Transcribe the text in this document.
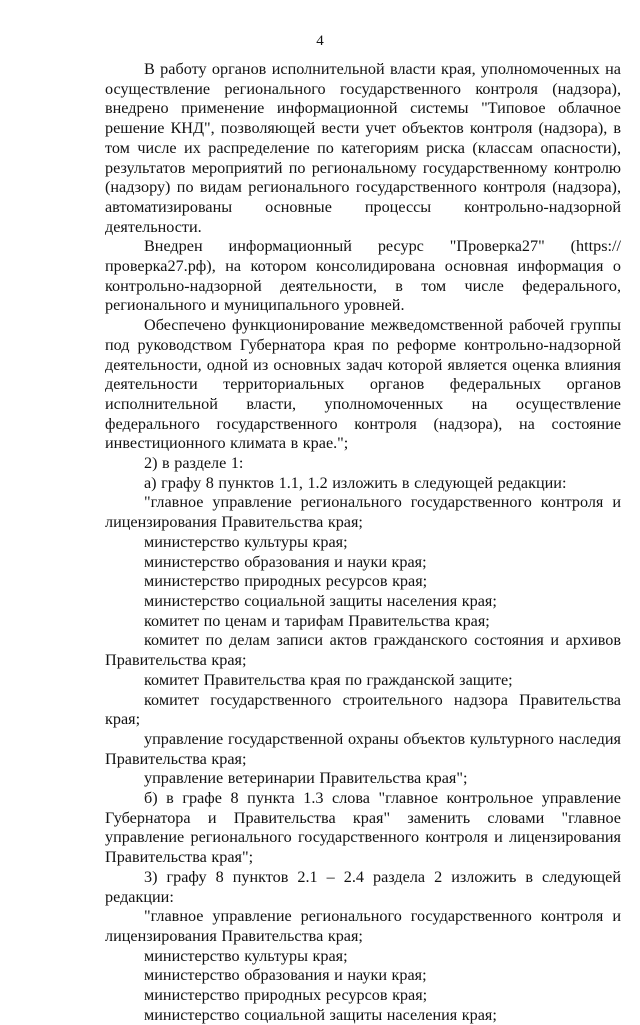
4

В работу органов исполнительной власти края, уполномоченных на осуществление регионального государственного контроля (надзора), внедрено применение информационной системы "Типовое облачное решение КНД", позволяющей вести учет объектов контроля (надзора), в том числе их распределение по категориям риска (классам опасности), результатов мероприятий по региональному государственному контролю (надзору) по видам регионального государственного контроля (надзора), автоматизированы основные процессы контрольно-надзорной деятельности.

Внедрен информационный ресурс "Проверка27" (https://проверка27.рф), на котором консолидирована основная информация о контрольно-надзорной деятельности, в том числе федерального, регионального и муниципального уровней.

Обеспечено функционирование межведомственной рабочей группы под руководством Губернатора края по реформе контрольно-надзорной деятельности, одной из основных задач которой является оценка влияния деятельности территориальных органов федеральных органов исполнительной власти, уполномоченных на осуществление федерального государственного контроля (надзора), на состояние инвестиционного климата в крае.";

2) в разделе 1:

а) графу 8 пунктов 1.1, 1.2 изложить в следующей редакции:

"главное управление регионального государственного контроля и лицензирования Правительства края;

министерство культуры края;

министерство образования и науки края;

министерство природных ресурсов края;

министерство социальной защиты населения края;

комитет по ценам и тарифам Правительства края;

комитет по делам записи актов гражданского состояния и архивов Правительства края;

комитет Правительства края по гражданской защите;

комитет государственного строительного надзора Правительства края;

управление государственной охраны объектов культурного наследия Правительства края;

управление ветеринарии Правительства края";

б) в графе 8 пункта 1.3 слова "главное контрольное управление Губернатора и Правительства края" заменить словами "главное управление регионального государственного контроля и лицензирования Правительства края";

3) графу 8 пунктов 2.1 – 2.4 раздела 2 изложить в следующей редакции:

"главное управление регионального государственного контроля и лицензирования Правительства края;

министерство культуры края;

министерство образования и науки края;

министерство природных ресурсов края;

министерство социальной защиты населения края;
